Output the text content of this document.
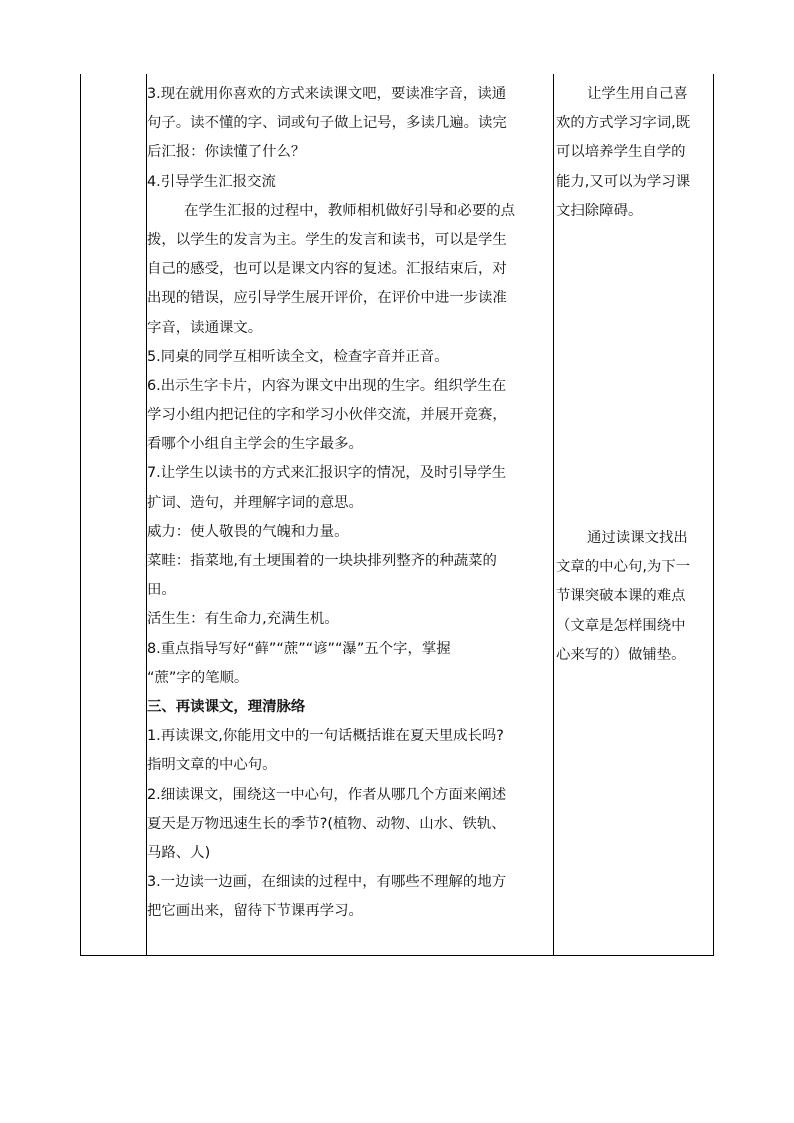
3.现在就用你喜欢的方式来读课文吧，要读准字音，读通
句子。读不懂的字、词或句子做上记号，多读几遍。读完
后汇报：你读懂了什么？
4.引导学生汇报交流
在学生汇报的过程中，教师相机做好引导和必要的点
拨，以学生的发言为主。学生的发言和读书，可以是学生
自己的感受，也可以是课文内容的复述。汇报结束后，对
出现的错误，应引导学生展开评价，在评价中进一步读准
字音，读通课文。
5.同桌的同学互相听读全文，检查字音并正音。
6.出示生字卡片，内容为课文中出现的生字。组织学生在
学习小组内把记住的字和学习小伙伴交流，并展开竞赛，
看哪个小组自主学会的生字最多。
7.让学生以读书的方式来汇报识字的情况，及时引导学生
扩词、造句，并理解字词的意思。
威力：使人敬畏的气魄和力量。
菜畦：指菜地,有土埂围着的一块块排列整齐的种蔬菜的
田。
活生生：有生命力,充满生机。
8.重点指导写好“藓”“蔗”“谚”“瀑”五个字，掌握
“蔗”字的笔顺。
三、再读课文，理清脉络
1.再读课文,你能用文中的一句话概括谁在夏天里成长吗?
指明文章的中心句。
2.细读课文，围绕这一中心句，作者从哪几个方面来阐述
夏天是万物迅速生长的季节?(植物、动物、山水、铁轨、
马路、人)
3.一边读一边画，在细读的过程中，有哪些不理解的地方
把它画出来，留待下节课再学习。
让学生用自己喜
欢的方式学习字词,既
可以培养学生自学的
能力,又可以为学习课
文扫除障碍。
通过读课文找出
文章的中心句,为下一
节课突破本课的难点
（文章是怎样围绕中
心来写的）做铺垫。
